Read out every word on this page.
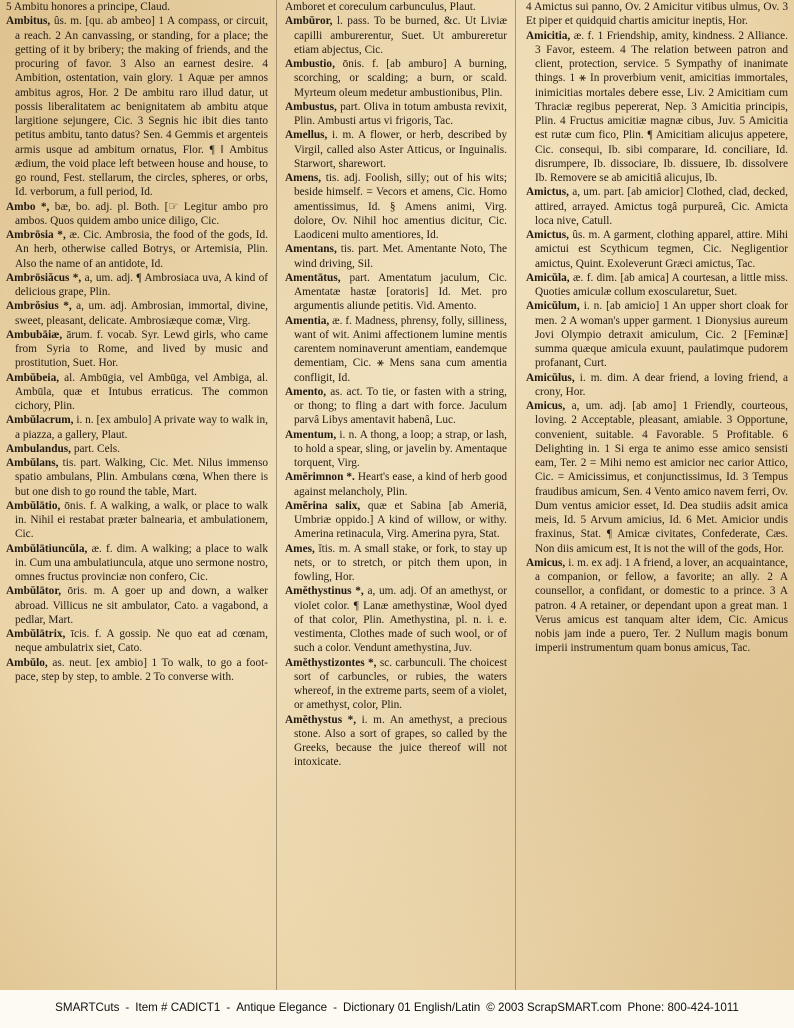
5 Ambitu honores a principe, Claud.

Ambitus, ûs. m. [qu. ab ambeo] 1 A compass, or circuit, a reach. 2 An canvassing, or standing, for a place; the getting of it by bribery; the making of friends, and the procuring of favor. 3 Also an earnest desire. 4 Ambition, ostentation, vain glory. 1 Aquæ per amnos ambitus agros, Hor. 2 De ambitu raro illud datur, ut possis liberalitatem ac benignitatem ab ambitu atque largitione sejungere, Cic. 3 Segnis hic ibit dies tanto petitus ambitu, tanto datus? Sen. 4 Gemmis et argenteis armis usque ad ambitum ornatus, Flor. ¶ ‖ Ambitus ædium, the void place left between house and house, to go round, Fest. stellarum, the circles, spheres, or orbs, Id. verborum, a full period, Id.

Ambo *, bæ, bo. adj. pl. Both. [☞ Legitur ambo pro ambos. Quos quidem ambo unice diligo, Cic.

Ambrōsia *, æ. Cic. Ambrosia, the food of the gods, Id. An herb, otherwise called Botrys, or Artemisia, Plin. Also the name of an antidote, Id.

Ambrōsiăcus *, a, um. adj. ¶ Ambrosiaca uva, A kind of delicious grape, Plin.

Ambrŏsius *, a, um. adj. Ambrosian, immortal, divine, sweet, pleasant, delicate. Ambrosiæque comæ, Virg.

Ambubāiæ, ārum. f. vocab. Syr. Lewd girls, who came from Syria to Rome, and lived by music and prostitution, Suet. Hor.

Ambŭbeia, al. Ambūgia, vel Ambūga, vel Ambiga, al. Ambūla, quæ et Intubus erraticus. The common cichory, Plin.

Ambŭlacrum, i. n. [ex ambulo] A private way to walk in, a piazza, a gallery, Plaut.

Ambulandus, part. Cels.

Ambŭlans, tis. part. Walking, Cic. Met. Nilus immenso spatio ambulans, Plin. Ambulans cœna, When there is but one dish to go round the table, Mart.

Ambŭlātio, ōnis. f. A walking, a walk, or place to walk in. Nihil ei restabat præter balnearia, et ambulationem, Cic.

Ambŭlātiuncŭla, æ. f. dim. A walking; a place to walk in. Cum una ambulatiuncula, atque uno sermone nostro, omnes fructus provinciæ non confero, Cic.

Ambŭlātor, ōris. m. A goer up and down, a walker abroad. Villicus ne sit ambulator, Cato. a vagabond, a pedlar, Mart.

Ambŭlātrix, īcis. f. A gossip. Ne quo eat ad cœnam, neque ambulatrix siet, Cato.

Ambŭlo, as. neut. [ex ambio] 1 To walk, to go a foot-pace, step by step, to amble. 2 To converse with.

Amboret et coreculum carbunculus, Plaut.

Ambŭror, l. pass. To be burned, &c. Ut Liviæ capilli amburerentur, Suet. Ut ambureretur etiam abjectus, Cic.

Ambustio, ōnis. f. [ab amburo] A burning, scorching, or scalding; a burn, or scald. Myrteum oleum medetur ambustionibus, Plin.

Ambustus, part. Oliva in totum ambusta revixit, Plin. Ambusti artus vi frigoris, Tac.

Amellus, i. m. A flower, or herb, described by Virgil, called also Aster Atticus, or Inguinalis. Starwort, sharewort.

Amens, tis. adj. Foolish, silly; out of his wits; beside himself. = Vecors et amens, Cic. Homo amentissimus, Id. § Amens animi, Virg. dolore, Ov. Nihil hoc amentius dicitur, Cic. Laodiceni multo amentiores, Id.

Amentans, tis. part. Met. Amentante Noto, The wind driving, Sil.

Amentātus, part. Amentatum jaculum, Cic. Amentatæ hastæ [oratoris] Id. Met. pro argumentis aliunde petitis. Vid. Amento.

Amentia, æ. f. Madness, phrensy, folly, silliness, want of wit. Animi affectionem lumine mentis carentem nominaverunt amentiam, eandemque dementiam, Cic. ⚹ Mens sana cum amentia confligit, Id.

Amento, as. act. To tie, or fasten with a string, or thong; to fling a dart with force. Jaculum parvâ Libys amentavit habenâ, Luc.

Amentum, i. n. A thong, a loop; a strap, or lash, to hold a spear, sling, or javelin by. Amentaque torquent, Virg.

Amĕrimnon *. Heart's ease, a kind of herb good against melancholy, Plin.

Amĕrina salix, quæ et Sabina [ab Ameriā, Umbriæ oppido.] A kind of willow, or withy. Amerina retinacula, Virg. Amerina pyra, Stat.

Ames, ĭtis. m. A small stake, or fork, to stay up nets, or to stretch, or pitch them upon, in fowling, Hor.

Amĕthystinus *, a, um. adj. Of an amethyst, or violet color. ¶ Lanæ amethystinæ, Wool dyed of that color, Plin. Amethystina, pl. n. i. e. vestimenta, Clothes made of such wool, or of such a color. Vendunt amethystina, Juv.

Amĕthystizontes *, sc. carbunculi. The choicest sort of carbuncles, or rubies, the waters whereof, in the extreme parts, seem of a violet, or amethyst, color, Plin.

Amĕthystus *, i. m. An amethyst, a precious stone. Also a sort of grapes, so called by the Greeks, because the juice thereof will not intoxicate.

4 Amictus sui panno, Ov. 2 Amicitur vitibus ulmus, Ov. 3 Et piper et quidquid chartis amicitur ineptis, Hor.

Amicitia, æ. f. 1 Friendship, amity, kindness. 2 Alliance. 3 Favor, esteem. 4 The relation between patron and client, protection, service. 5 Sympathy of inanimate things. 1 ⚹ In proverbium venit, amicitias immortales, inimicitias mortales debere esse, Liv. 2 Amicitiam cum Thraciæ regibus pepererat, Nep. 3 Amicitia principis, Plin. 4 Fructus amicitiæ magnæ cibus, Juv. 5 Amicitia est rutæ cum fico, Plin. ¶ Amicitiam alicujus appetere, Cic. consequi, Ib. sibi comparare, Id. conciliare, Id. disrumpere, Ib. dissociare, Ib. dissuere, Ib. dissolvere Ib. Removere se ab amicitiâ alicujus, Ib.

Amictus, a, um. part. [ab amicior] Clothed, clad, decked, attired, arrayed. Amictus togâ purpureâ, Cic. Amicta loca nive, Catull.

Amictus, ûs. m. A garment, clothing apparel, attire. Mihi amictui est Scythicum tegmen, Cic. Negligentior amictus, Quint. Exoleverunt Græci amictus, Tac.

Amicŭla, æ. f. dim. [ab amica] A courtesan, a little miss. Quoties amiculæ collum exoscularetur, Suet.

Amicŭlum, i. n. [ab amicio] 1 An upper short cloak for men. 2 A woman's upper garment. 1 Dionysius aureum Jovi Olympio detraxit amiculum, Cic. 2 [Feminæ] summa quæque amicula exuunt, paulatimque pudorem profanant, Curt.

Amicŭlus, i. m. dim. A dear friend, a loving friend, a crony, Hor.

Amicus, a, um. adj. [ab amo] 1 Friendly, courteous, loving. 2 Acceptable, pleasant, amiable. 3 Opportune, convenient, suitable. 4 Favorable. 5 Profitable. 6 Delighting in. 1 Si erga te animo esse amico sensisti eam, Ter. 2 = Mihi nemo est amicior nec carior Attico, Cic. = Amicissimus, et conjunctissimus, Id. 3 Tempus fraudibus amicum, Sen. 4 Vento amico navem ferri, Ov. Dum ventus amicior esset, Id. Dea studiis adsit amica meis, Id. 5 Arvum amicius, Id. 6 Met. Amicior undis fraxinus, Stat. ¶ Amicæ civitates, Confederate, Cæs. Non diis amicum est, It is not the will of the gods, Hor.

Amicus, i. m. ex adj. 1 A friend, a lover, an acquaintance, a companion, or fellow, a favorite; an ally. 2 A counsellor, a confidant, or domestic to a prince. 3 A patron. 4 A retainer, or dependant upon a great man. 1 Verus amicus est tanquam alter idem, Cic. Amicus nobis jam inde a puero, Ter. 2 Nullum magis bonum imperii instrumentum quam bonus amicus, Tac.

SMARTCuts - Item # CADICT1 - Antique Elegance - Dictionary 01 English/Latin © 2003 ScrapSMART.com Phone: 800-424-1011
